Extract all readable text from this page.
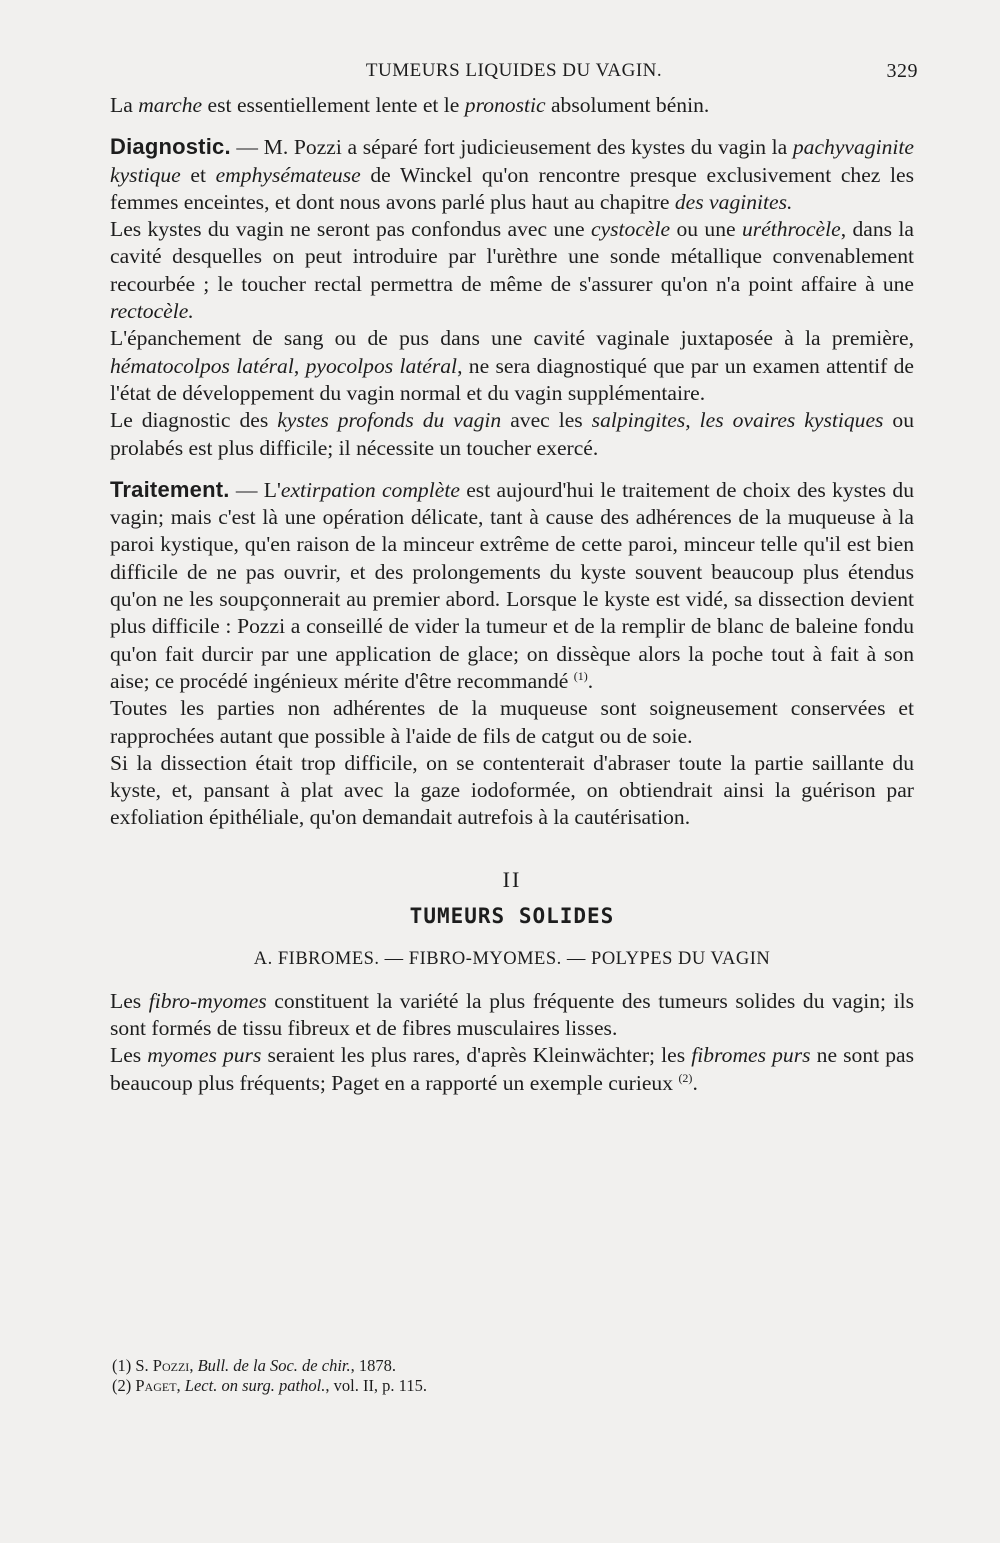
TUMEURS LIQUIDES DU VAGIN.	329

La marche est essentiellement lente et le pronostic absolument bénin.

Diagnostic. — M. Pozzi a séparé fort judicieusement des kystes du vagin la pachyvaginite kystique et emphysémateuse de Winckel qu'on rencontre presque exclusivement chez les femmes enceintes, et dont nous avons parlé plus haut au chapitre des vaginites.

Les kystes du vagin ne seront pas confondus avec une cystocèle ou une uréthrocèle, dans la cavité desquelles on peut introduire par l'urèthre une sonde métallique convenablement recourbée ; le toucher rectal permettra de même de s'assurer qu'on n'a point affaire à une rectocèle.

L'épanchement de sang ou de pus dans une cavité vaginale juxtaposée à la première, hématocolpos latéral, pyocolpos latéral, ne sera diagnostiqué que par un examen attentif de l'état de développement du vagin normal et du vagin supplémentaire.

Le diagnostic des kystes profonds du vagin avec les salpingites, les ovaires kystiques ou prolabés est plus difficile; il nécessite un toucher exercé.

Traitement. — L'extirpation complète est aujourd'hui le traitement de choix des kystes du vagin; mais c'est là une opération délicate, tant à cause des adhérences de la muqueuse à la paroi kystique, qu'en raison de la minceur extrême de cette paroi, minceur telle qu'il est bien difficile de ne pas ouvrir, et des prolongements du kyste souvent beaucoup plus étendus qu'on ne les soupçonnerait au premier abord. Lorsque le kyste est vidé, sa dissection devient plus difficile : Pozzi a conseillé de vider la tumeur et de la remplir de blanc de baleine fondu qu'on fait durcir par une application de glace; on dissèque alors la poche tout à fait à son aise; ce procédé ingénieux mérite d'être recommandé $^{(1)}$.

Toutes les parties non adhérentes de la muqueuse sont soigneusement conservées et rapprochées autant que possible à l'aide de fils de catgut ou de soie.

Si la dissection était trop difficile, on se contenterait d'abraser toute la partie saillante du kyste, et, pansant à plat avec la gaze iodoformée, on obtiendrait ainsi la guérison par exfoliation épithéliale, qu'on demandait autrefois à la cautérisation.

II
TUMEURS SOLIDES
A. FIBROMES. — FIBRO-MYOMES. — POLYPES DU VAGIN

Les fibro-myomes constituent la variété la plus fréquente des tumeurs solides du vagin; ils sont formés de tissu fibreux et de fibres musculaires lisses.

Les myomes purs seraient les plus rares, d'après Kleinwächter; les fibromes purs ne sont pas beaucoup plus fréquents; Paget en a rapporté un exemple curieux $^{(2)}$.

(1) S. Pozzi, Bull. de la Soc. de chir., 1878.
(2) Paget, Lect. on surg. pathol., vol. II, p. 115.
